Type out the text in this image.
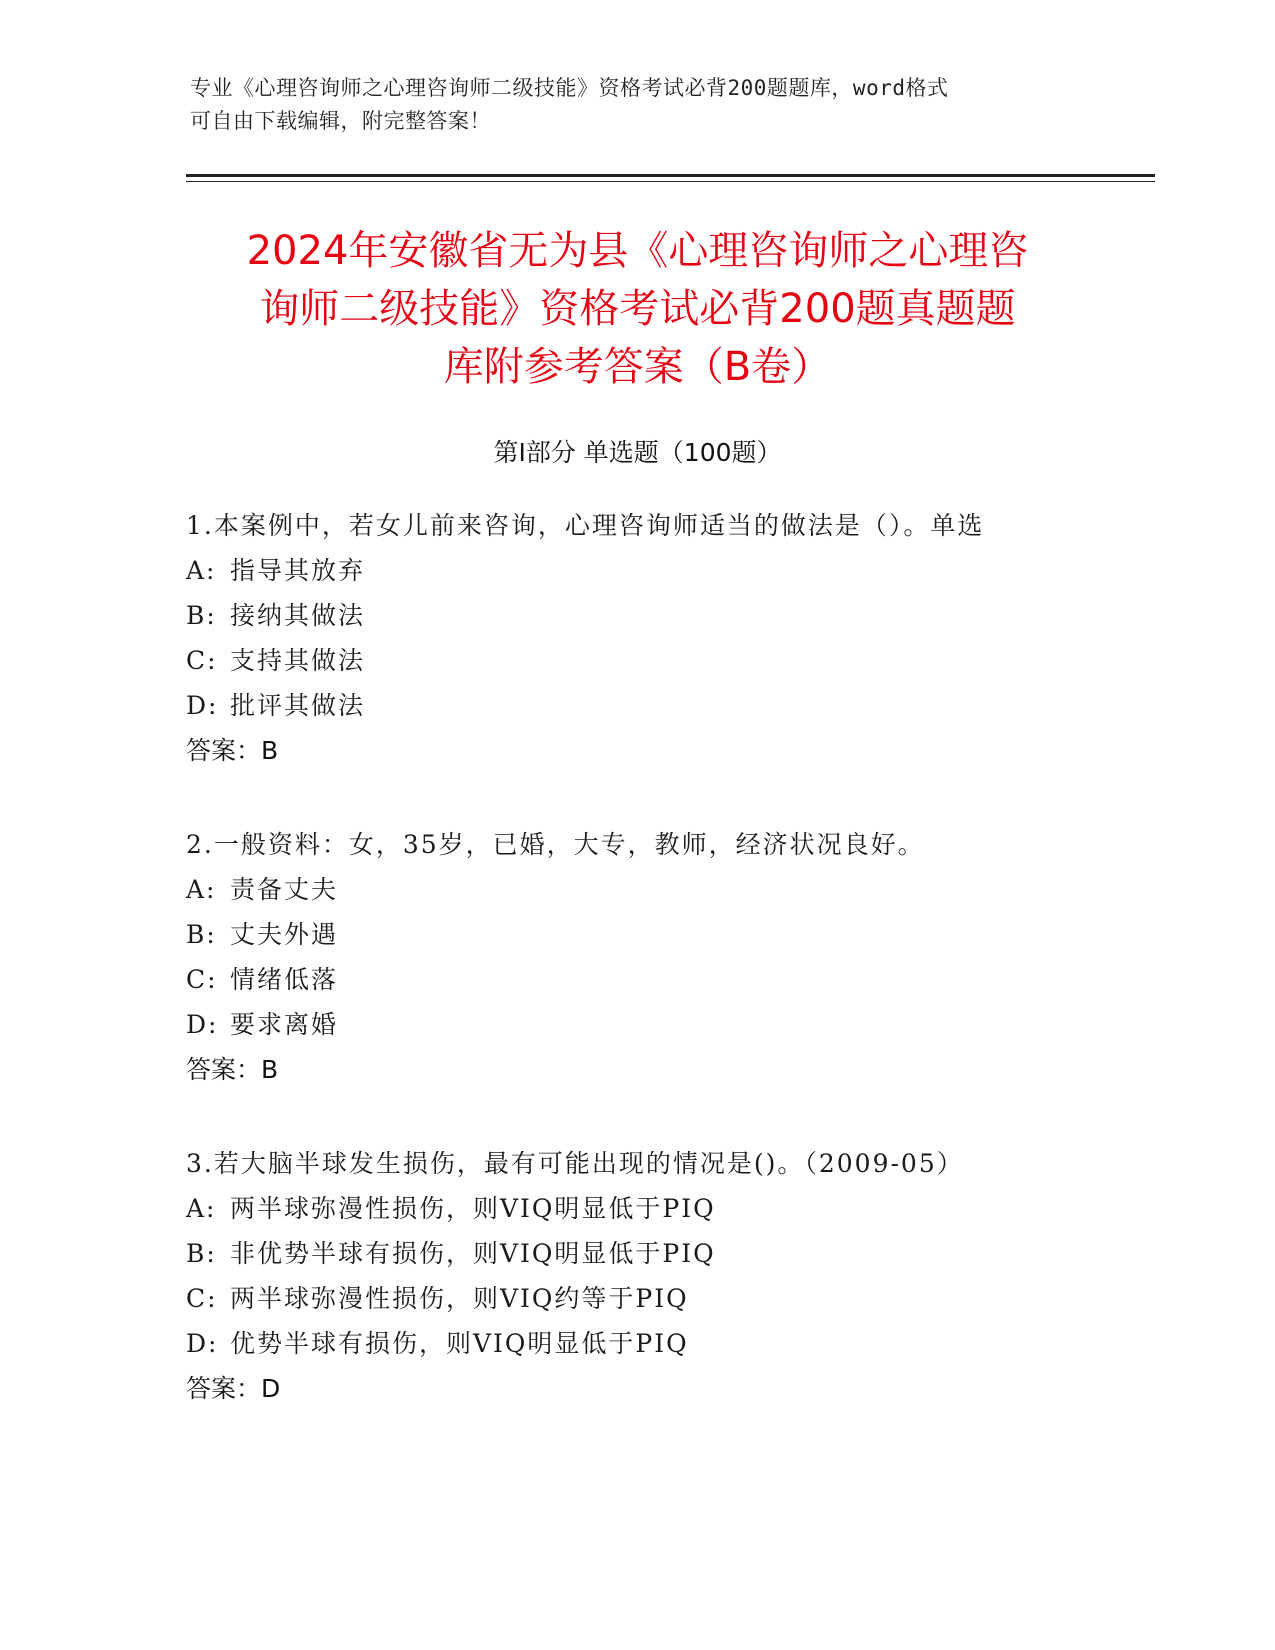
专业《心理咨询师之心理咨询师二级技能》资格考试必背200题题库，word格式
可自由下载编辑，附完整答案！
2024年安徽省无为县《心理咨询师之心理咨
询师二级技能》资格考试必背200题真题题
库附参考答案（B卷）
第Ⅰ部分 单选题（100题）
1.本案例中，若女儿前来咨询，心理咨询师适当的做法是（）。单选
A: 指导其放弃
B: 接纳其做法
C: 支持其做法
D: 批评其做法
答案：B
2.一般资料：女，35岁，已婚，大专，教师，经济状况良好。
A: 责备丈夫
B: 丈夫外遇
C: 情绪低落
D: 要求离婚
答案：B
3.若大脑半球发生损伤，最有可能出现的情况是()。（2009-05）
A: 两半球弥漫性损伤，则VIQ明显低于PIQ
B: 非优势半球有损伤，则VIQ明显低于PIQ
C: 两半球弥漫性损伤，则VIQ约等于PIQ
D: 优势半球有损伤，则VIQ明显低于PIQ
答案：D
